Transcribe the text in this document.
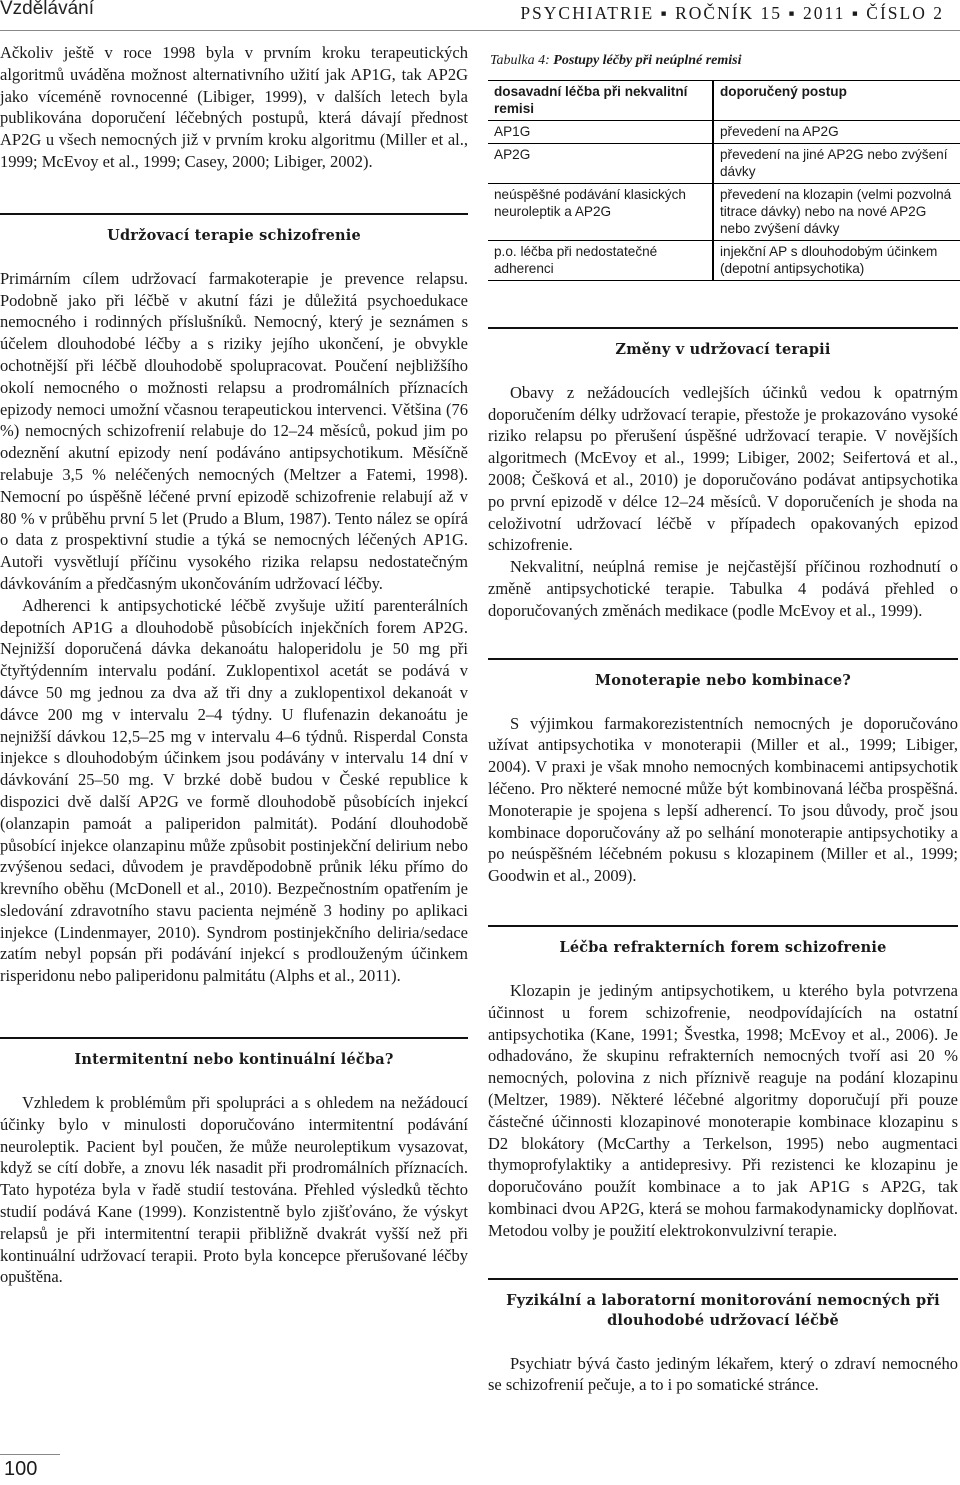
Vzdělávání	PSYCHIATRIE ▪ ROČNÍK 15 ▪ 2011 ▪ ČÍSLO 2

Ačkoliv ještě v roce 1998 byla v prvním kroku terapeutických algoritmů uváděna možnost alternativního užití jak AP1G, tak AP2G jako víceméně rovnocenné (Libiger, 1999), v dalších letech byla publikována doporučení léčebných postupů, která dávají přednost AP2G u všech nemocných již v prvním kroku algoritmu (Miller et al., 1999; McEvoy et al., 1999; Casey, 2000; Libiger, 2002).

Udržovací terapie schizofrenie

Primárním cílem udržovací farmakoterapie je prevence relapsu. Podobně jako při léčbě v akutní fázi je důležitá psychoedukace nemocného i rodinných příslušníků. Nemocný, který je seznámen s účelem dlouhodobé léčby a s riziky jejího ukončení, je obvykle ochotnější při léčbě dlouhodobě spolupracovat. Poučení nejbližšího okolí nemocného o možnosti relapsu a prodromálních příznacích epizody nemoci umožní včasnou terapeutickou intervenci. Většina (76 %) nemocných schizofrenií relabuje do 12–24 měsíců, pokud jim po odeznění akutní epizody není podáváno antipsychotikum. Měsíčně relabuje 3,5 % neléčených nemocných (Meltzer a Fatemi, 1998). Nemocní po úspěšně léčené první epizodě schizofrenie relabují až v 80 % v průběhu první 5 let (Prudo a Blum, 1987). Tento nález se opírá o data z prospektivní studie a týká se nemocných léčených AP1G. Autoři vysvětlují příčinu vysokého rizika relapsu nedostatečným dávkováním a předčasným ukončováním udržovací léčby.

Adherenci k antipsychotické léčbě zvyšuje užití parenterálních depotních AP1G a dlouhodobě působících injekčních forem AP2G. Nejnižší doporučená dávka dekanoátu haloperidolu je 50 mg při čtyřtýdenním intervalu podání. Zuklopentixol acetát se podává v dávce 50 mg jednou za dva až tři dny a zuklopentixol dekanoát v dávce 200 mg v intervalu 2–4 týdny. U flufenazin dekanoátu je nejnižší dávkou 12,5–25 mg v intervalu 4–6 týdnů. Risperdal Consta injekce s dlouhodobým účinkem jsou podávány v intervalu 14 dní v dávkování 25–50 mg. V brzké době budou v České republice k dispozici dvě další AP2G ve formě dlouhodobě působících injekcí (olanzapin pamoát a paliperidon palmitát). Podání dlouhodobě působící injekce olanzapinu může způsobit postinjekční delirium nebo zvýšenou sedaci, důvodem je pravděpodobně průnik léku přímo do krevního oběhu (McDonell et al., 2010). Bezpečnostním opatřením je sledování zdravotního stavu pacienta nejméně 3 hodiny po aplikaci injekce (Lindenmayer, 2010). Syndrom postinjekčního deliria/sedace zatím nebyl popsán při podávání injekcí s prodlouženým účinkem risperidonu nebo paliperidonu palmitátu (Alphs et al., 2011).

Intermitentní nebo kontinuální léčba?

Vzhledem k problémům při spolupráci a s ohledem na nežádoucí účinky bylo v minulosti doporučováno intermitentní podávání neuroleptik. Pacient byl poučen, že může neuroleptikum vysazovat, když se cítí dobře, a znovu lék nasadit při prodromálních příznacích. Tato hypotéza byla v řadě studií testována. Přehled výsledků těchto studií podává Kane (1999). Konzistentně bylo zjišťováno, že výskyt relapsů je při intermitentní terapii přibližně dvakrát vyšší než při kontinuální udržovací terapii. Proto byla koncepce přerušované léčby opuštěna.

Tabulka 4: Postupy léčby při neúplné remisi
dosavadní léčba při nekvalitní remisi	doporučený postup
AP1G	převedení na AP2G
AP2G	převedení na jiné AP2G nebo zvýšení dávky
neúspěšné podávání klasických neuroleptik a AP2G	převedení na klozapin (velmi pozvolná titrace dávky) nebo na nové AP2G nebo zvýšení dávky
p.o. léčba při nedostatečné adherenci	injekční AP s dlouhodobým účinkem (depotní antipsychotika)
Změny v udržovací terapii

Obavy z nežádoucích vedlejších účinků vedou k opatrným doporučením délky udržovací terapie, přestože je prokazováno vysoké riziko relapsu po přerušení úspěšné udržovací terapie. V novějších algoritmech (McEvoy et al., 1999; Libiger, 2002; Seifertová et al., 2008; Češková et al., 2010) je doporučováno podávat antipsychotika po první epizodě v délce 12–24 měsíců. V doporučeních je shoda na celoživotní udržovací léčbě v případech opakovaných epizod schizofrenie.

Nekvalitní, neúplná remise je nejčastější příčinou rozhodnutí o změně antipsychotické terapie. Tabulka 4 podává přehled o doporučovaných změnách medikace (podle McEvoy et al., 1999).

Monoterapie nebo kombinace?

S výjimkou farmakorezistentních nemocných je doporučováno užívat antipsychotika v monoterapii (Miller et al., 1999; Libiger, 2004). V praxi je však mnoho nemocných kombinacemi antipsychotik léčeno. Pro některé nemocné může být kombinovaná léčba prospěšná. Monoterapie je spojena s lepší adherencí. To jsou důvody, proč jsou kombinace doporučovány až po selhání monoterapie antipsychotiky a po neúspěšném léčebném pokusu s klozapinem (Miller et al., 1999; Goodwin et al., 2009).

Léčba refrakterních forem schizofrenie

Klozapin je jediným antipsychotikem, u kterého byla potvrzena účinnost u forem schizofrenie, neodpovídajících na ostatní antipsychotika (Kane, 1991; Švestka, 1998; McEvoy et al., 2006). Je odhadováno, že skupinu refrakterních nemocných tvoří asi 20 % nemocných, polovina z nich příznivě reaguje na podání klozapinu (Meltzer, 1989). Některé léčebné algoritmy doporučují při pouze částečné účinnosti klozapinové monoterapie kombinace klozapinu s D2 blokátory (McCarthy a Terkelson, 1995) nebo augmentaci thymoprofylaktiky a antidepresivy. Při rezistenci ke klozapinu je doporučováno použít kombinace a to jak AP1G s AP2G, tak kombinaci dvou AP2G, která se mohou farmakodynamicky doplňovat. Metodou volby je použití elektrokonvulzivní terapie.

Fyzikální a laboratorní monitorování nemocných při dlouhodobé udržovací léčbě

Psychiatr bývá často jediným lékařem, který o zdraví nemocného se schizofrenií pečuje, a to i po somatické stránce.

100
